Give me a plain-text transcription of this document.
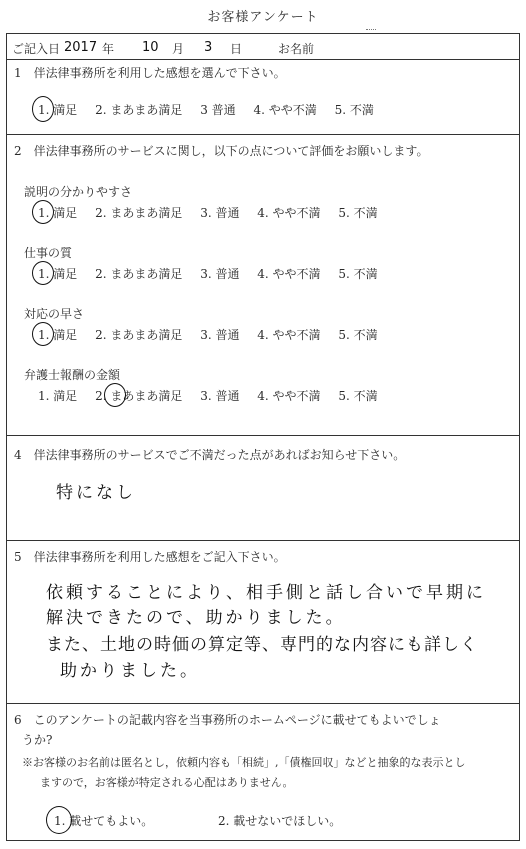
お客様アンケート
ご記入日 2017 年 10 月 3 日	お名前
1　伴法律事務所を利用した感想を選んで下さい。
1. 満足 2. まあまあ満足 3 普通 4. やや不満 5. 不満
2　伴法律事務所のサービスに関し，以下の点について評価をお願いします。
説明の分かりやすさ
1. 満足 2. まあまあ満足 3. 普通 4. やや不満 5. 不満
仕事の質
1. 満足 2. まあまあ満足 3. 普通 4. やや不満 5. 不満
対応の早さ
1. 満足 2. まあまあ満足 3. 普通 4. やや不満 5. 不満
弁護士報酬の金額
1. 満足 2. まあまあ満足 3. 普通 4. やや不満 5. 不満
4　伴法律事務所のサービスでご不満だった点があればお知らせ下さい。
特になし
5　伴法律事務所を利用した感想をご記入下さい。
依頼することにより、相手側と話し合いで早期に
解決できたので、助かりました。
また、土地の時価の算定等、専門的な内容にも詳しく
助かりました。
6　このアンケートの記載内容を当事務所のホームページに載せてもよいでしょ
うか?
※お客様のお名前は匿名とし，依頼内容も「相続」,「債権回収」などと抽象的な表示とし
ますので，お客様が特定される心配はありません。
1. 載せてもよい。	2. 載せないでほしい。
